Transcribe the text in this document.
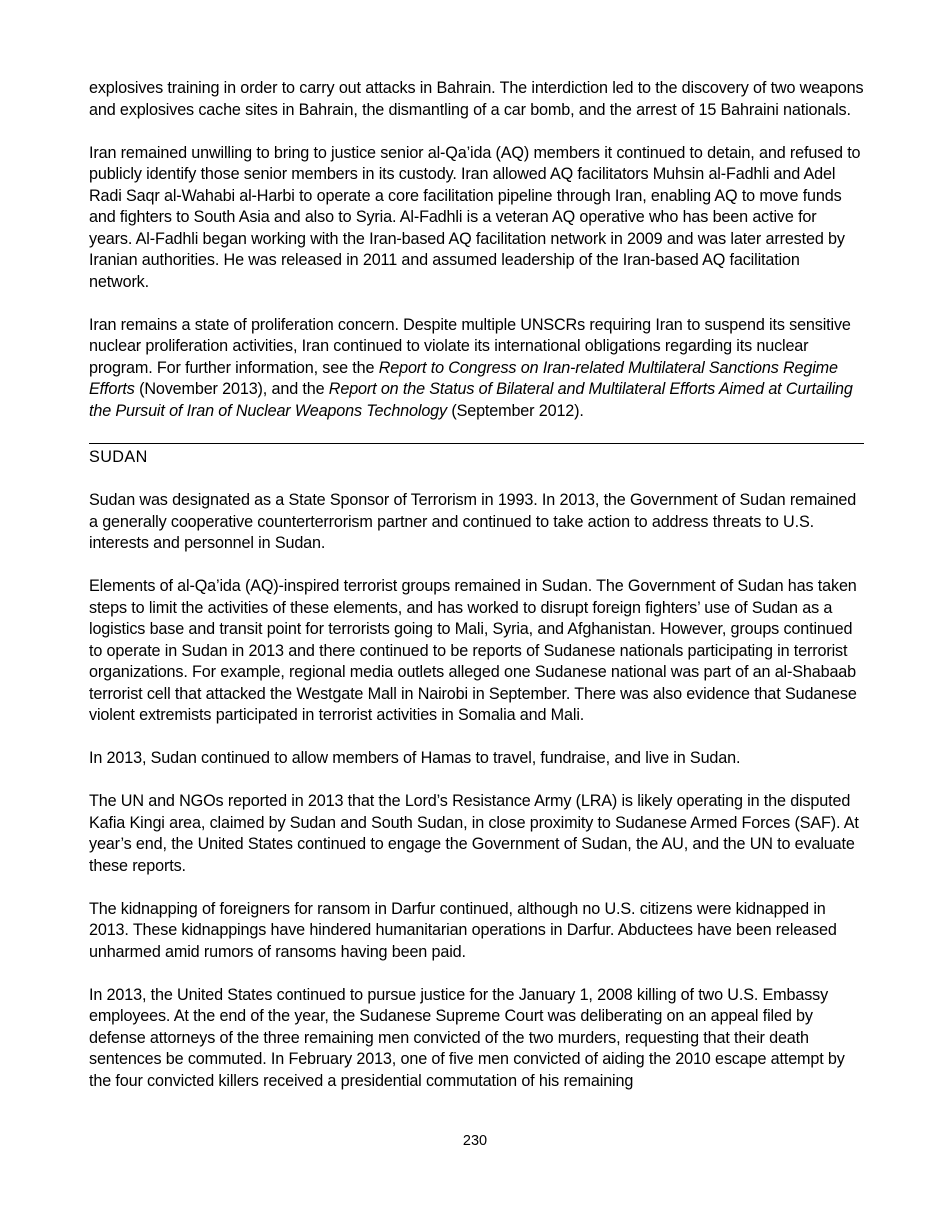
explosives training in order to carry out attacks in Bahrain. The interdiction led to the discovery of two weapons and explosives cache sites in Bahrain, the dismantling of a car bomb, and the arrest of 15 Bahraini nationals.

Iran remained unwilling to bring to justice senior al-Qa’ida (AQ) members it continued to detain, and refused to publicly identify those senior members in its custody. Iran allowed AQ facilitators Muhsin al-Fadhli and Adel Radi Saqr al-Wahabi al-Harbi to operate a core facilitation pipeline through Iran, enabling AQ to move funds and fighters to South Asia and also to Syria. Al-Fadhli is a veteran AQ operative who has been active for years. Al-Fadhli began working with the Iran-based AQ facilitation network in 2009 and was later arrested by Iranian authorities. He was released in 2011 and assumed leadership of the Iran-based AQ facilitation network.

Iran remains a state of proliferation concern. Despite multiple UNSCRs requiring Iran to suspend its sensitive nuclear proliferation activities, Iran continued to violate its international obligations regarding its nuclear program. For further information, see the Report to Congress on Iran-related Multilateral Sanctions Regime Efforts (November 2013), and the Report on the Status of Bilateral and Multilateral Efforts Aimed at Curtailing the Pursuit of Iran of Nuclear Weapons Technology (September 2012).

SUDAN

Sudan was designated as a State Sponsor of Terrorism in 1993. In 2013, the Government of Sudan remained a generally cooperative counterterrorism partner and continued to take action to address threats to U.S. interests and personnel in Sudan.

Elements of al-Qa’ida (AQ)-inspired terrorist groups remained in Sudan. The Government of Sudan has taken steps to limit the activities of these elements, and has worked to disrupt foreign fighters’ use of Sudan as a logistics base and transit point for terrorists going to Mali, Syria, and Afghanistan. However, groups continued to operate in Sudan in 2013 and there continued to be reports of Sudanese nationals participating in terrorist organizations. For example, regional media outlets alleged one Sudanese national was part of an al-Shabaab terrorist cell that attacked the Westgate Mall in Nairobi in September. There was also evidence that Sudanese violent extremists participated in terrorist activities in Somalia and Mali.

In 2013, Sudan continued to allow members of Hamas to travel, fundraise, and live in Sudan.

The UN and NGOs reported in 2013 that the Lord’s Resistance Army (LRA) is likely operating in the disputed Kafia Kingi area, claimed by Sudan and South Sudan, in close proximity to Sudanese Armed Forces (SAF). At year’s end, the United States continued to engage the Government of Sudan, the AU, and the UN to evaluate these reports.

The kidnapping of foreigners for ransom in Darfur continued, although no U.S. citizens were kidnapped in 2013. These kidnappings have hindered humanitarian operations in Darfur. Abductees have been released unharmed amid rumors of ransoms having been paid.

In 2013, the United States continued to pursue justice for the January 1, 2008 killing of two U.S. Embassy employees. At the end of the year, the Sudanese Supreme Court was deliberating on an appeal filed by defense attorneys of the three remaining men convicted of the two murders, requesting that their death sentences be commuted. In February 2013, one of five men convicted of aiding the 2010 escape attempt by the four convicted killers received a presidential commutation of his remaining

230
